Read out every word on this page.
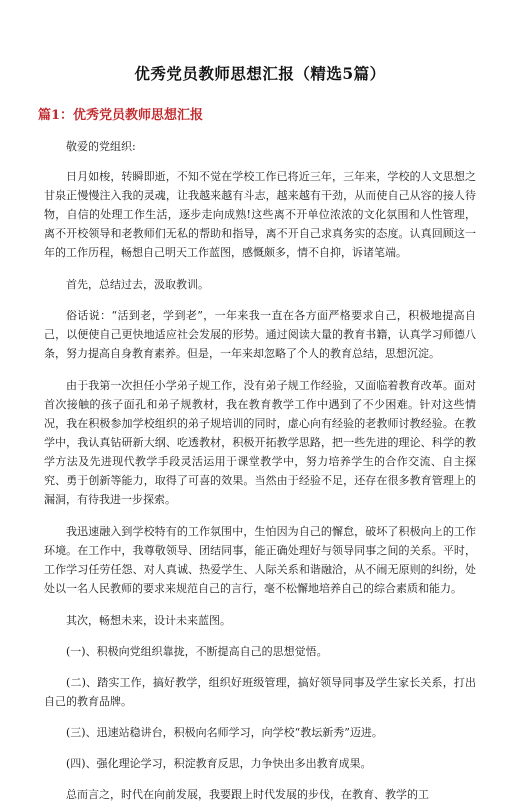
优秀党员教师思想汇报（精选5篇）
篇1：优秀党员教师思想汇报
敬爱的党组织:

日月如梭，转瞬即逝，不知不觉在学校工作已将近三年，三年来，学校的人文思想之甘泉正慢慢注入我的灵魂，让我越来越有斗志，越来越有干劲，从而使自己从容的接人待物，自信的处理工作生活，逐步走向成熟!这些离不开单位浓浓的文化氛围和人性管理，离不开校领导和老教师们无私的帮助和指导，离不开自己求真务实的态度。认真回顾这一年的工作历程，畅想自己明天工作蓝图，感慨颇多，情不自抑，诉诸笔端。

首先，总结过去，汲取教训。

俗话说：“活到老，学到老”，一年来我一直在各方面严格要求自己，积极地提高自己，以便使自己更快地适应社会发展的形势。通过阅读大量的教育书籍，认真学习师德八条，努力提高自身教育素养。但是，一年来却忽略了个人的教育总结，思想沉淀。

由于我第一次担任小学弟子规工作，没有弟子规工作经验，又面临着教育改革。面对首次接触的孩子面孔和弟子规教材，我在教育教学工作中遇到了不少困难。针对这些情况，我在积极参加学校组织的弟子规培训的同时，虚心向有经验的老教师讨教经验。在教学中，我认真钻研新大纲、吃透教材，积极开拓教学思路，把一些先进的理论、科学的教学方法及先进现代教学手段灵活运用于课堂教学中，努力培养学生的合作交流、自主探究、勇于创新等能力，取得了可喜的效果。当然由于经验不足，还存在很多教育管理上的漏洞，有待我进一步探索。

我迅速融入到学校特有的工作氛围中，生怕因为自己的懈怠，破坏了积极向上的工作环境。在工作中，我尊敬领导、团结同事，能正确处理好与领导同事之间的关系。平时，工作学习任劳任怨、对人真诚、热爱学生、人际关系和谐融洽，从不闹无原则的纠纷，处处以一名人民教师的要求来规范自己的言行，毫不松懈地培养自己的综合素质和能力。

其次，畅想未来，设计未来蓝图。

(一)、积极向党组织靠拢，不断提高自己的思想觉悟。

(二)、踏实工作，搞好教学，组织好班级管理，搞好领导同事及学生家长关系，打出自己的教育品牌。

(三)、迅速站稳讲台，积极向名师学习，向学校“教坛新秀”迈进。

(四)、强化理论学习，积淀教育反思，力争快出多出教育成果。

总而言之，时代在向前发展，我要跟上时代发展的步伐，在教育、教学的工
